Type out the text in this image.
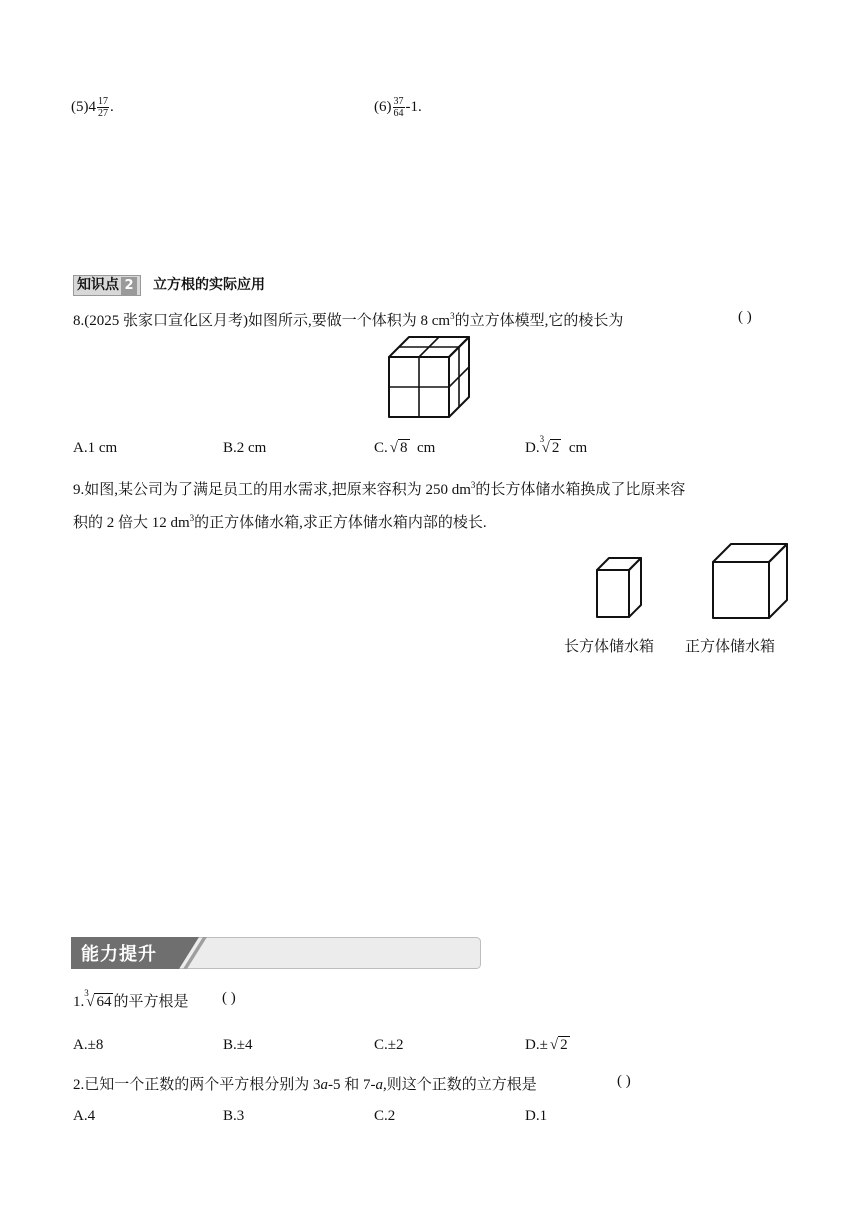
$(5)4 \frac{17}{27}$ .	$(6) \frac{37}{64} -1$.
知识点 2 立方根的实际应用
8.(2025 张家口宣化区月考)如图所示,要做一个体积为 8 $cm^3$的立方体模型,它的棱长为	( )
A.1 cm	B.2 cm	C. √ 8 cm	D.
3
√ 2 cm
9.如图,某公司为了满足员工的用水需求,把原来容积为 250 $dm^3$的长方体储水箱换成了比原来容
积的 2 倍大 12 $dm^3$的正方体储水箱,求正方体储水箱内部的棱长.
长方体储水箱 正方体储水箱
能力提升
1.
3
√ 64 的平方根是 ( )
A.±8	B.±4	C.±2	D.± √ 2
2.已知一个正数的两个平方根分别为 3a-5 和 7-a,则这个正数的立方根是	( )
A.4	B.3	C.2	D.1
